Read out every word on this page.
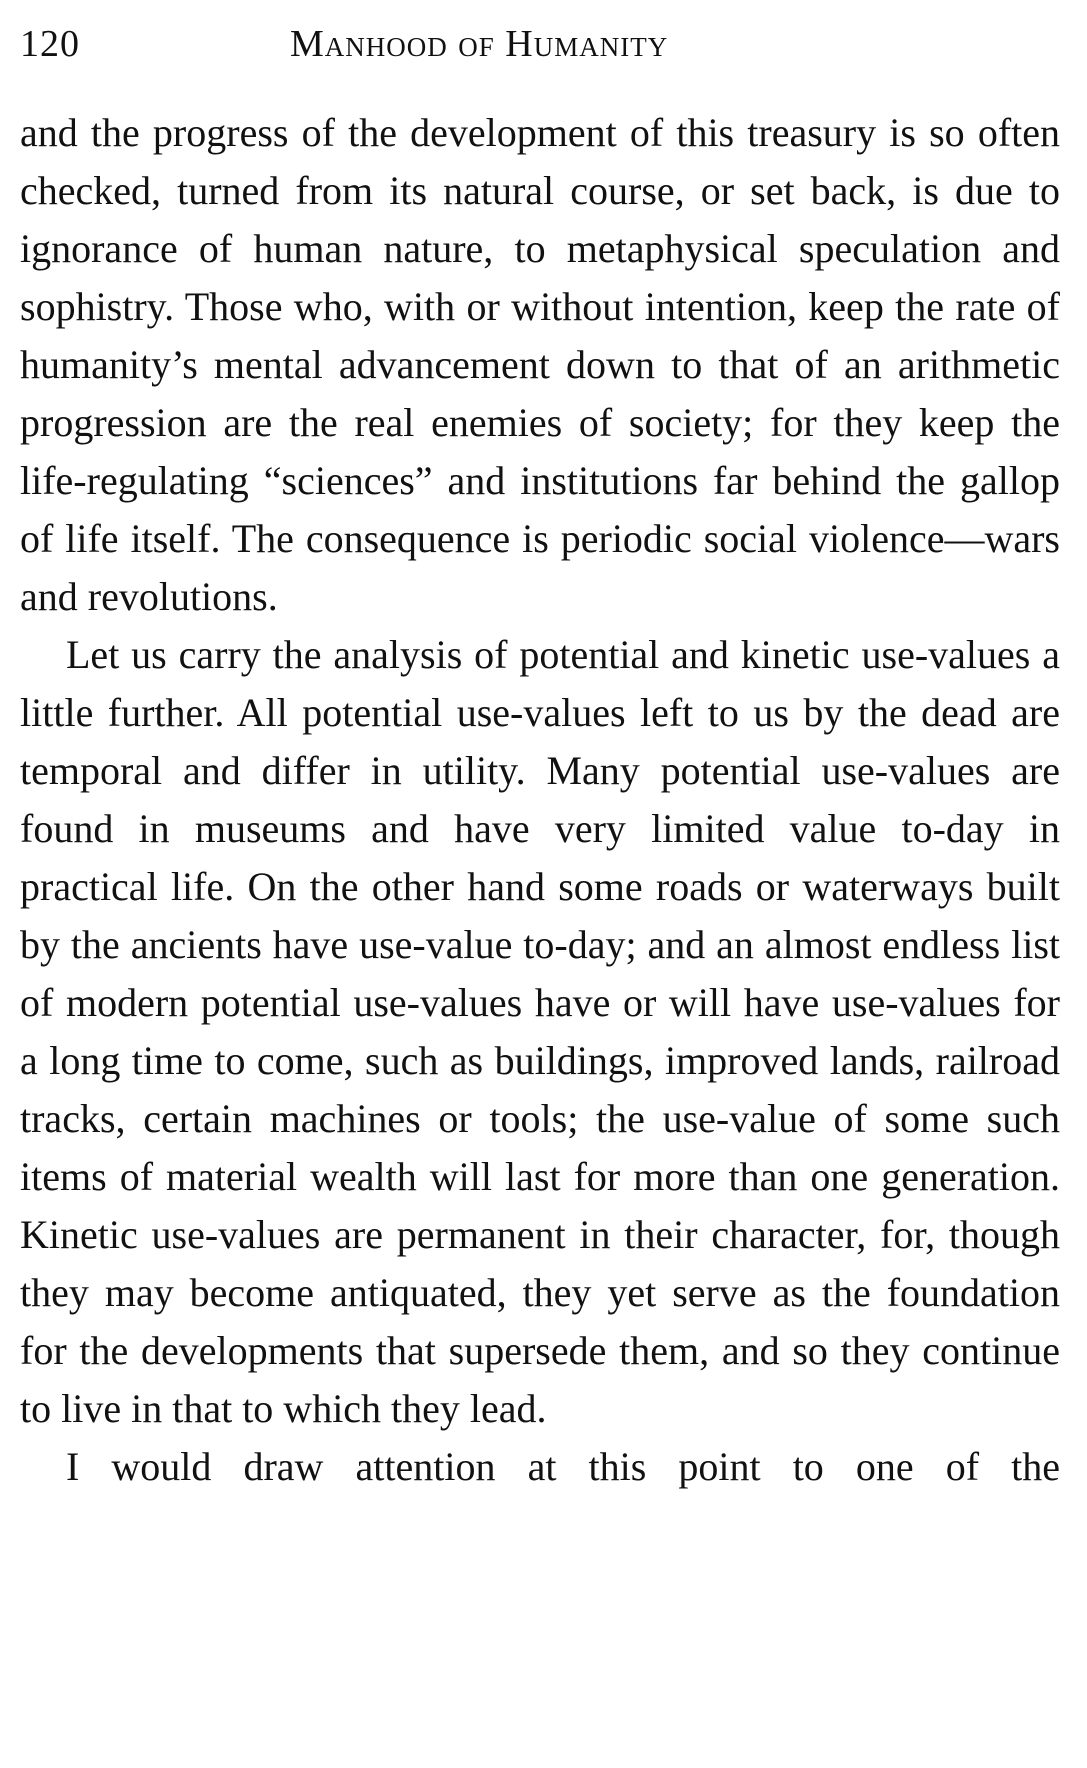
120	Manhood of Humanity

and the progress of the development of this treasury is so often checked, turned from its natural course, or set back, is due to ignorance of human nature, to metaphysical speculation and sophistry. Those who, with or without intention, keep the rate of humanity’s mental advancement down to that of an arithmetic progression are the real enemies of society; for they keep the life-regulating “sciences” and institutions far behind the gallop of life itself. The consequence is periodic social violence—wars and revolutions.

Let us carry the analysis of potential and kinetic use-values a little further. All potential use-values left to us by the dead are temporal and differ in utility. Many potential use-values are found in museums and have very limited value to-day in practical life. On the other hand some roads or waterways built by the ancients have use-value to-day; and an almost endless list of modern potential use-values have or will have use-values for a long time to come, such as buildings, improved lands, railroad tracks, certain machines or tools; the use-value of some such items of material wealth will last for more than one generation. Kinetic use-values are permanent in their character, for, though they may become antiquated, they yet serve as the foundation for the developments that supersede them, and so they continue to live in that to which they lead.

I would draw attention at this point to one of the
